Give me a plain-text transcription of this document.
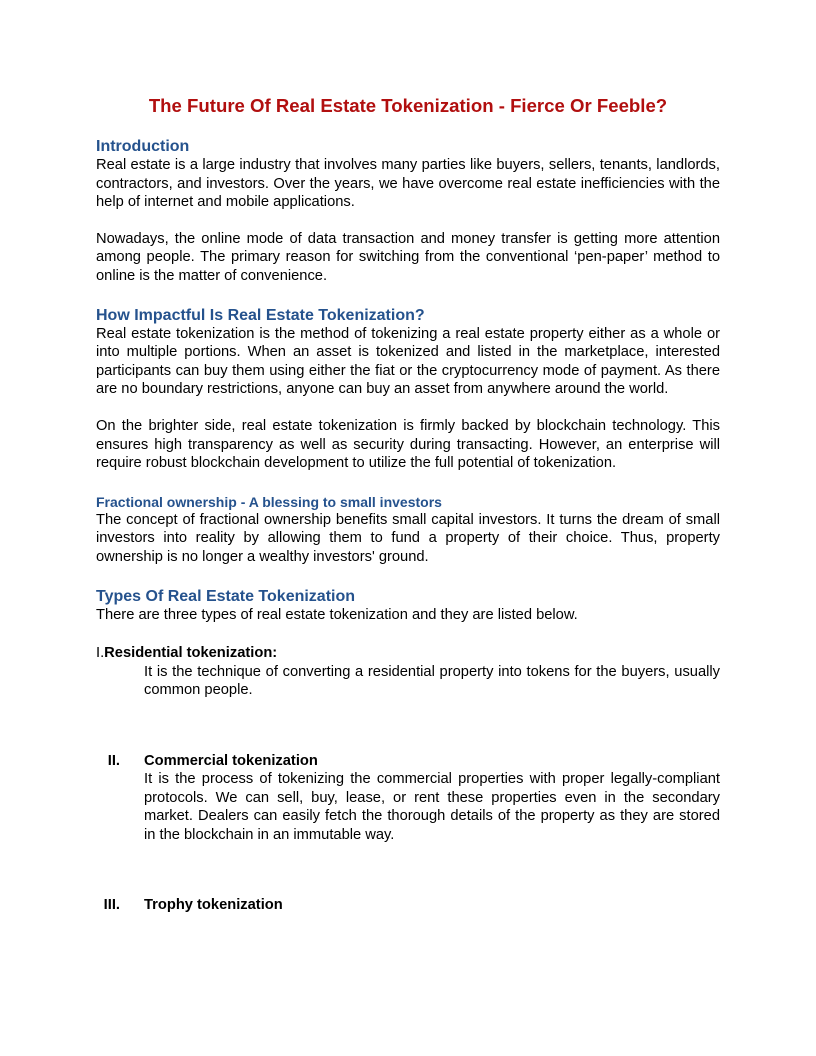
The Future Of Real Estate Tokenization - Fierce Or Feeble?
Introduction

Real estate is a large industry that involves many parties like buyers, sellers, tenants, landlords, contractors, and investors. Over the years, we have overcome real estate inefficiencies with the help of internet and mobile applications.

Nowadays, the online mode of data transaction and money transfer is getting more attention among people. The primary reason for switching from the conventional ‘pen-paper’ method to online is the matter of convenience.

How Impactful Is Real Estate Tokenization?

Real estate tokenization is the method of tokenizing a real estate property either as a whole or into multiple portions. When an asset is tokenized and listed in the marketplace, interested participants can buy them using either the fiat or the cryptocurrency mode of payment. As there are no boundary restrictions, anyone can buy an asset from anywhere around the world.

On the brighter side, real estate tokenization is firmly backed by blockchain technology. This ensures high transparency as well as security during transacting. However, an enterprise will require robust blockchain development to utilize the full potential of tokenization.

Fractional ownership - A blessing to small investors

The concept of fractional ownership benefits small capital investors. It turns the dream of small investors into reality by allowing them to fund a property of their choice. Thus, property ownership is no longer a wealthy investors' ground.

Types Of Real Estate Tokenization

There are three types of real estate tokenization and they are listed below.

I.Residential tokenization:

It is the technique of converting a residential property into tokens for the buyers, usually common people.

II. Commercial tokenization

It is the process of tokenizing the commercial properties with proper legally-compliant protocols. We can sell, buy, lease, or rent these properties even in the secondary market. Dealers can easily fetch the thorough details of the property as they are stored in the blockchain in an immutable way.

III. Trophy tokenization
